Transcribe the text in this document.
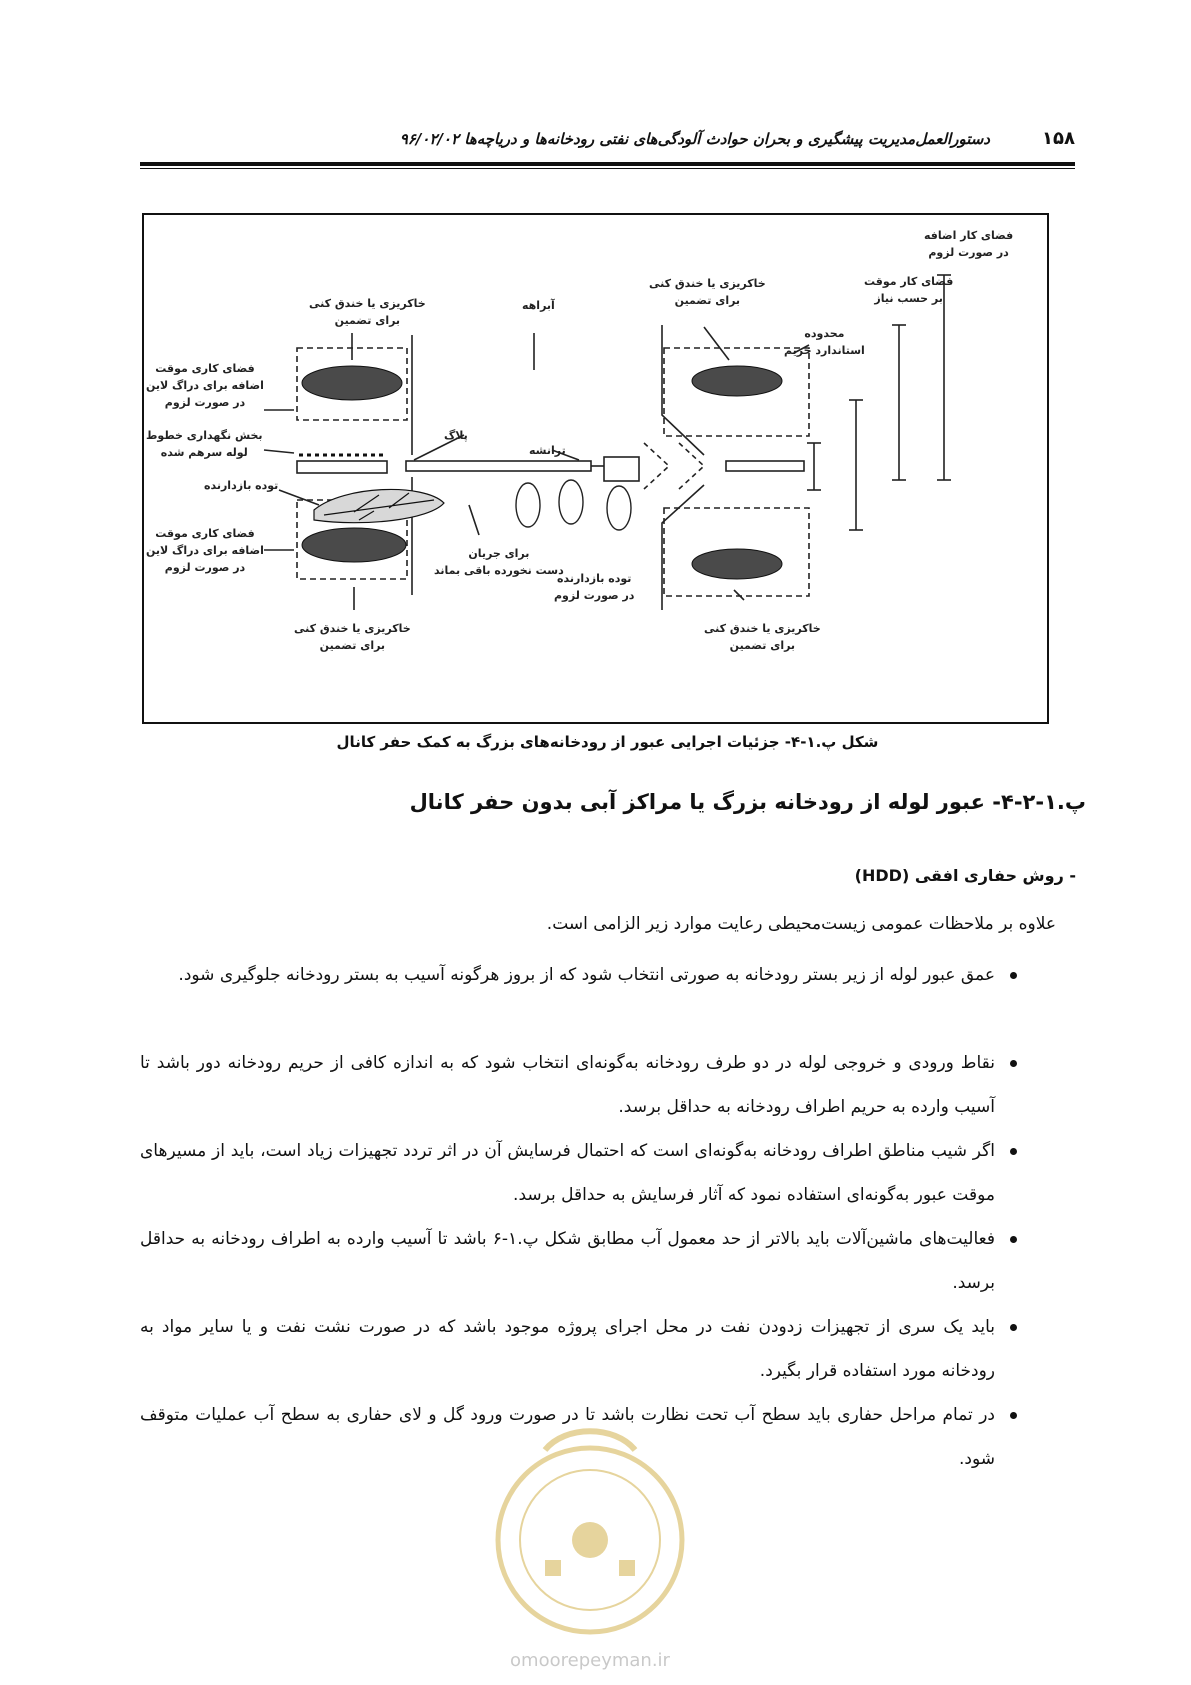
۱۵۸
دستورالعمل‌مدیریت پیشگیری و بحران حوادث آلودگی‌های نفتی رودخانه‌ها و دریاچه‌ها ۹۶/۰۲/۰۲
فضای کار اضافه
در صورت لزوم
فضای کار موقت
بر حسب نیاز
محدوده
استاندارد حریم
خاکریزی یا خندق کنی
برای تضمین
خاکریزی یا خندق کنی
برای تضمین
آبراهه
فضای کاری موقت
اضافه برای دراگ لاین
در صورت لزوم
بخش نگهداری خطوط
لوله سرهم شده
پلاگ
ترانشه
توده بازدارنده
فضای کاری موقت
اضافه برای دراگ لاین
در صورت لزوم
برای جریان
دست نخورده باقی بماند
توده بازدارنده
در صورت لزوم
خاکریزی یا خندق کنی
برای تضمین
خاکریزی یا خندق کنی
برای تضمین
شکل پ.۱-۴- جزئیات اجرایی عبور از رودخانه‌های بزرگ به کمک حفر کانال
پ.۱-۲-۴- عبور لوله از رودخانه بزرگ یا مراکز آبی بدون حفر کانال
- روش حفاری افقی (HDD)
علاوه بر ملاحظات عمومی زیست‌محیطی رعایت موارد زیر الزامی است.
عمق عبور لوله از زیر بستر رودخانه به صورتی انتخاب شود که از بروز هرگونه آسیب به بستر رودخانه جلوگیری شود.
نقاط ورودی و خروجی لوله در دو طرف رودخانه به‌گونه‌ای انتخاب شود که به اندازه کافی از حریم رودخانه دور باشد تا آسیب وارده به حریم اطراف رودخانه به حداقل برسد.
اگر شیب مناطق اطراف رودخانه به‌گونه‌ای است که احتمال فرسایش آن در اثر تردد تجهیزات زیاد است، باید از مسیرهای موقت عبور به‌گونه‌ای استفاده نمود که آثار فرسایش به حداقل برسد.
فعالیت‌های ماشین‌آلات باید بالاتر از حد معمول آب مطابق شکل پ.۱-۶ باشد تا آسیب وارده به اطراف رودخانه به حداقل برسد.
باید یک سری از تجهیزات زدودن نفت در محل اجرای پروژه موجود باشد که در صورت نشت نفت و یا سایر مواد به رودخانه مورد استفاده قرار بگیرد.
در تمام مراحل حفاری باید سطح آب تحت نظارت باشد تا در صورت ورود گل و لای حفاری به سطح آب عملیات متوقف شود.
omoorepeyman.ir
